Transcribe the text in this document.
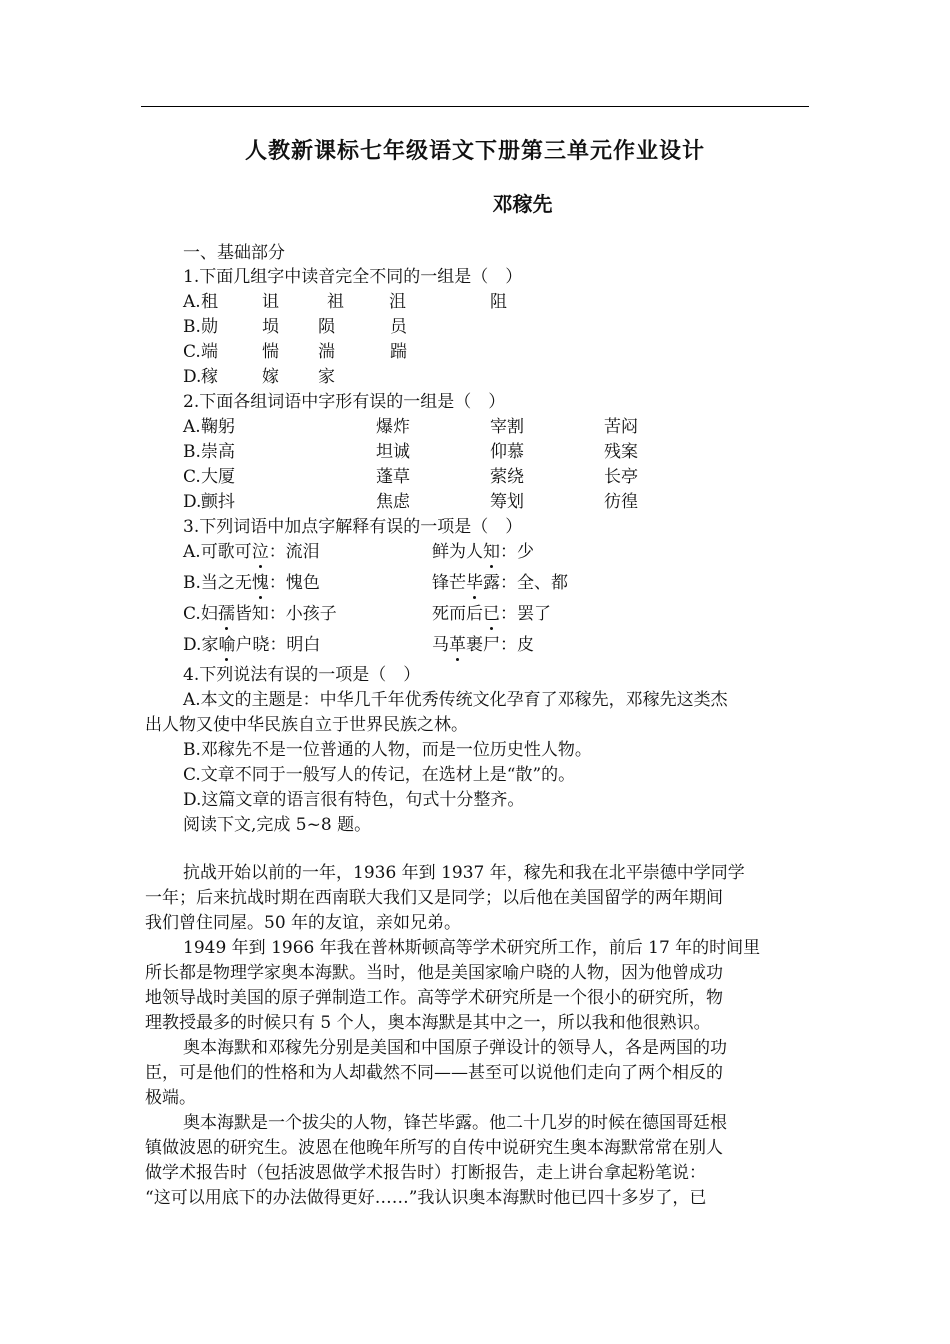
人教新课标七年级语文下册第三单元作业设计
邓稼先
一、基础部分
1.下面几组字中读音完全不同的一组是（　）
A. 租	诅	祖	沮	阻
B. 勋	埙 陨	员
C. 端	惴 湍	踹
D. 稼	嫁 家
2.下面各组词语中字形有误的一组是（　）
A. 鞠躬	爆炸	宰割	苦闷
B. 崇高	坦诚	仰慕	残案
C. 大厦	蓬草	萦绕	长亭
D. 颤抖	焦虑	筹划	彷徨
3.下列词语中加点字解释有误的一项是（　）
A.可歌可泣：流泪	鲜为人知：少
B.当之无愧：愧色	锋芒毕露：全、都
C.妇孺皆知：小孩子	死而后已：罢了
D.家喻户晓：明白	马革裹尸：皮
4.下列说法有误的一项是（　）
A.本文的主题是：中华几千年优秀传统文化孕育了邓稼先，邓稼先这类杰
出人物又使中华民族自立于世界民族之林。
B.邓稼先不是一位普通的人物，而是一位历史性人物。
C.文章不同于一般写人的传记，在选材上是“散”的。
D.这篇文章的语言很有特色，句式十分整齐。
阅读下文,完成 5~8 题。
抗战开始以前的一年，1936 年到 1937 年，稼先和我在北平崇德中学同学
一年；后来抗战时期在西南联大我们又是同学；以后他在美国留学的两年期间
我们曾住同屋。50 年的友谊，亲如兄弟。
1949 年到 1966 年我在普林斯顿高等学术研究所工作，前后 17 年的时间里
所长都是物理学家奥本海默。当时，他是美国家喻户晓的人物，因为他曾成功
地领导战时美国的原子弹制造工作。高等学术研究所是一个很小的研究所，物
理教授最多的时候只有 5 个人，奥本海默是其中之一，所以我和他很熟识。
奥本海默和邓稼先分别是美国和中国原子弹设计的领导人，各是两国的功
臣，可是他们的性格和为人却截然不同——甚至可以说他们走向了两个相反的
极端。
奥本海默是一个拔尖的人物，锋芒毕露。他二十几岁的时候在德国哥廷根
镇做波恩的研究生。波恩在他晚年所写的自传中说研究生奥本海默常常在别人
做学术报告时（包括波恩做学术报告时）打断报告，走上讲台拿起粉笔说：
“这可以用底下的办法做得更好……”我认识奥本海默时他已四十多岁了，已
